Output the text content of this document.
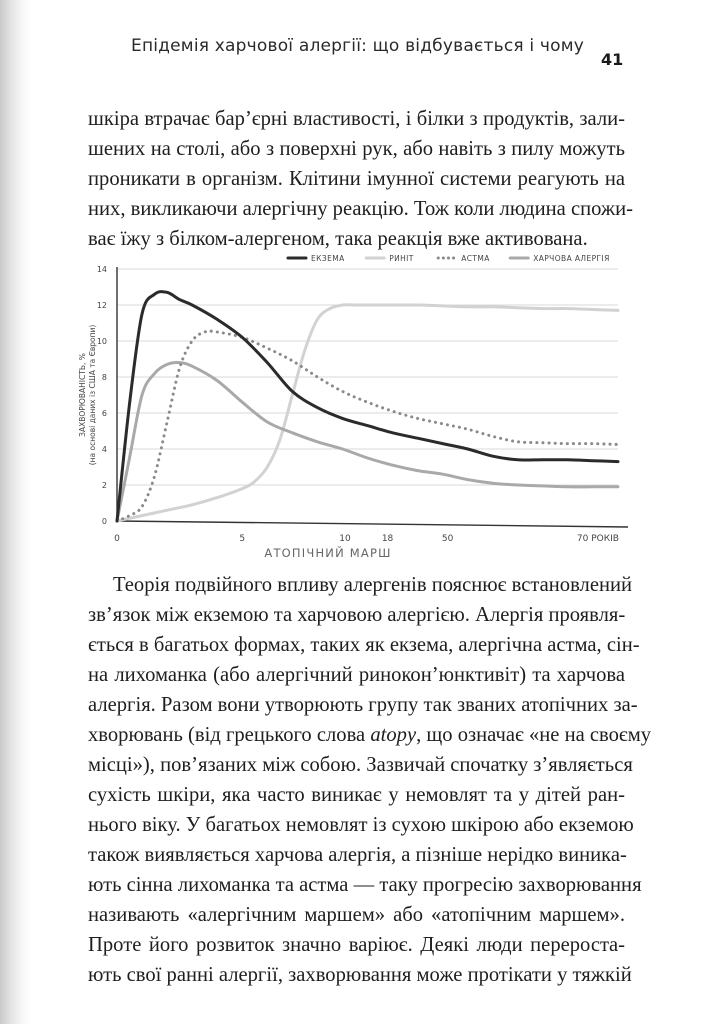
Епідемія харчової алергії: що відбувається і чому
41
шкіра втрачає бар’єрні властивості, і білки з продуктів, зали-
шених на столі, або з поверхні рук, або навіть з пилу можуть
проникати в організм. Клітини імунної системи реагують на
них, викликаючи алергічну реакцію. Тож коли людина спожи-
ває їжу з білком-алергеном, така реакція вже активована.
ЕКЗЕМА	РИНІТ	АСТМА	ХАРЧОВА АЛЕРГІЯ
0
2
4
6
8
10
12
14
0	5	10	18	50	70 РОКІВ
АТОПІЧНИЙ МАРШ
ЗАХВОРЮВАНІСТЬ, % (на основі даних із США та Європи)
Теорія подвійного впливу алергенів пояснює встановлений
зв’язок між екземою та харчовою алергією. Алергія проявля-
ється в багатьох формах, таких як екзема, алергічна астма, сін-
на лихоманка (або алергічний ринокон’юнктивіт) та харчова
алергія. Разом вони утворюють групу так званих атопічних за-
хворювань (від грецького слова atopy, що означає «не на своєму
місці»), пов’язаних між собою. Зазвичай спочатку з’являється
сухість шкіри, яка часто виникає у немовлят та у дітей ран-
нього віку. У багатьох немовлят із сухою шкірою або екземою
також виявляється харчова алергія, а пізніше нерідко виника-
ють сінна лихоманка та астма — таку прогресію захворювання
називають «алергічним маршем» або «атопічним маршем».
Проте його розвиток значно варіює. Деякі люди переростa-
ють свої ранні алергії, захворювання може протікати у тяжкій
